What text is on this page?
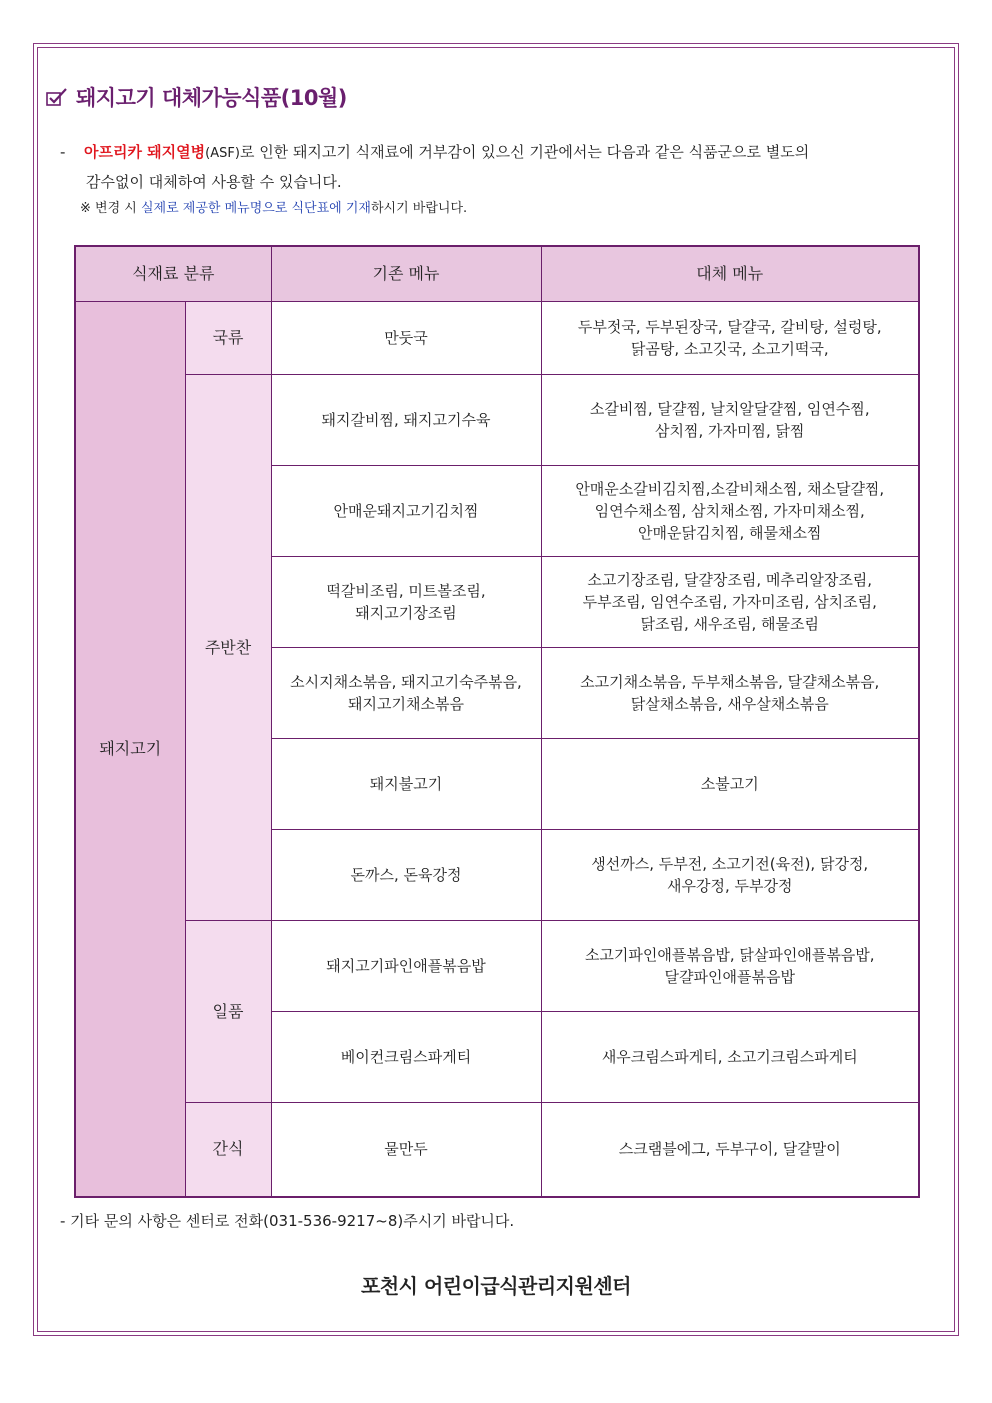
돼지고기 대체가능식품(10월)
-	아프리카 돼지열병(ASF)로 인한 돼지고기 식재료에 거부감이 있으신 기관에서는 다음과 같은 식품군으로 별도의
감수없이 대체하여 사용할 수 있습니다.
※ 변경 시 실제로 제공한 메뉴명으로 식단표에 기재하시기 바랍니다.
식재료 분류		기존 메뉴	대체 메뉴
돼지고기	국류	만둣국	두부젓국, 두부된장국, 달걀국, 갈비탕, 설렁탕,
닭곰탕, 소고깃국, 소고기떡국,

	주반찬	돼지갈비찜, 돼지고기수육	소갈비찜, 달걀찜, 날치알달걀찜, 임연수찜,
삼치찜, 가자미찜, 닭찜

		안매운돼지고기김치찜	안매운소갈비김치찜,소갈비채소찜, 채소달걀찜,
임연수채소찜, 삼치채소찜, 가자미채소찜,
안매운닭김치찜, 해물채소찜

		떡갈비조림, 미트볼조림,
돼지고기장조림	소고기장조림, 달걀장조림, 메추리알장조림,
두부조림, 임연수조림, 가자미조림, 삼치조림,
닭조림, 새우조림, 해물조림

		소시지채소볶음, 돼지고기숙주볶음,
돼지고기채소볶음	소고기채소볶음, 두부채소볶음, 달걀채소볶음,
닭살채소볶음, 새우살채소볶음

		돼지불고기	소불고기

		돈까스, 돈육강정	생선까스, 두부전, 소고기전(육전), 닭강정,
새우강정, 두부강정

	일품	돼지고기파인애플볶음밥	소고기파인애플볶음밥, 닭살파인애플볶음밥,
달걀파인애플볶음밥

		베이컨크림스파게티	새우크림스파게티, 소고기크림스파게티

	간식	물만두	스크램블에그, 두부구이, 달걀말이
- 기타 문의 사항은 센터로 전화(031-536-9217~8)주시기 바랍니다.
포천시 어린이급식관리지원센터
